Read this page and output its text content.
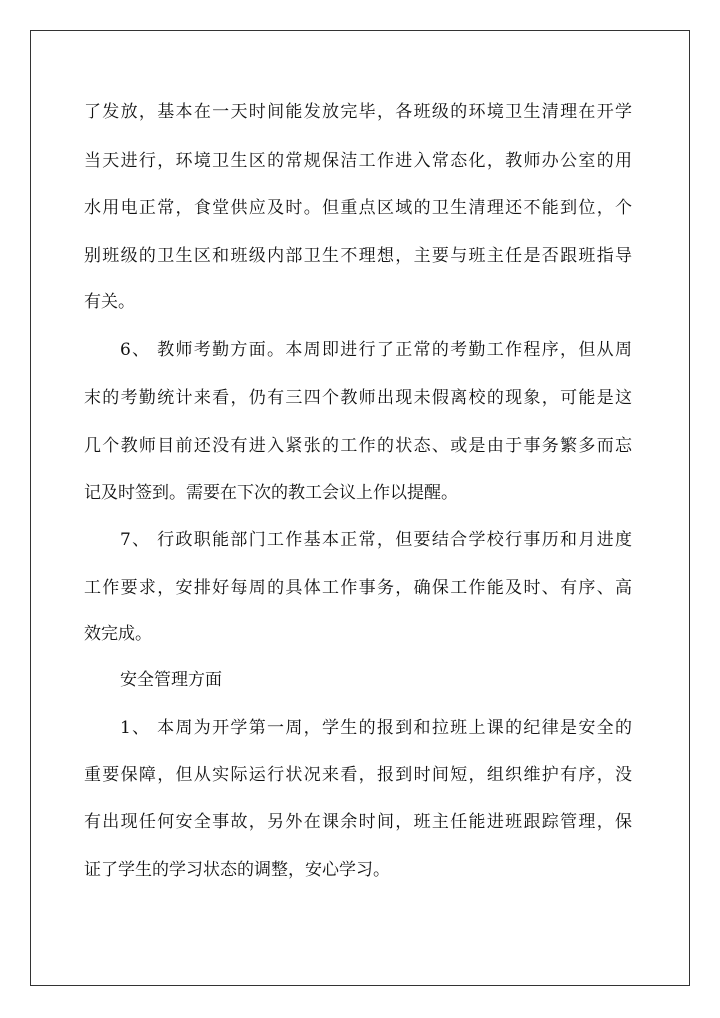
了发放，基本在一天时间能发放完毕，各班级的环境卫生清理在开学
当天进行，环境卫生区的常规保洁工作进入常态化，教师办公室的用
水用电正常，食堂供应及时。但重点区域的卫生清理还不能到位，个
别班级的卫生区和班级内部卫生不理想，主要与班主任是否跟班指导
有关。
6、 教师考勤方面。本周即进行了正常的考勤工作程序，但从周
末的考勤统计来看，仍有三四个教师出现未假离校的现象，可能是这
几个教师目前还没有进入紧张的工作的状态、或是由于事务繁多而忘
记及时签到。需要在下次的教工会议上作以提醒。
7、 行政职能部门工作基本正常，但要结合学校行事历和月进度
工作要求，安排好每周的具体工作事务，确保工作能及时、有序、高
效完成。
安全管理方面
1、 本周为开学第一周，学生的报到和拉班上课的纪律是安全的
重要保障，但从实际运行状况来看，报到时间短，组织维护有序，没
有出现任何安全事故，另外在课余时间，班主任能进班跟踪管理，保
证了学生的学习状态的调整，安心学习。
